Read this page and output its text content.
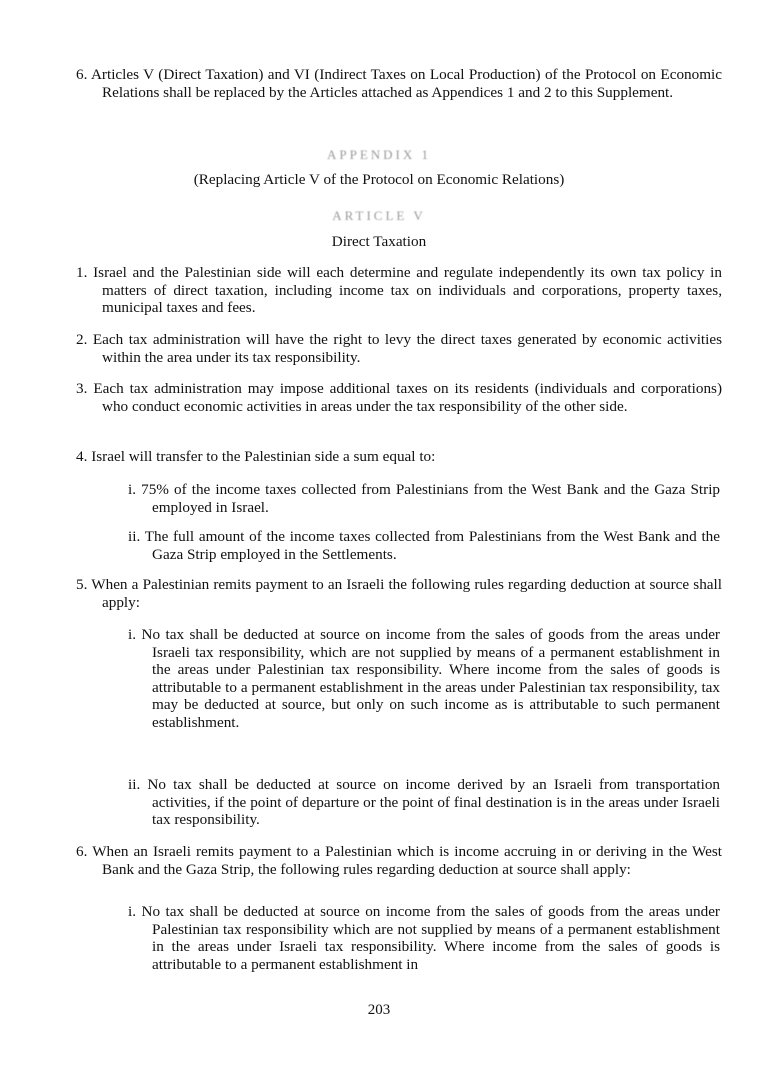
6. Articles V (Direct Taxation) and VI (Indirect Taxes on Local Production) of the Protocol on Economic Relations shall be replaced by the Articles attached as Appendices 1 and 2 to this Supplement.
APPENDIX 1
(Replacing Article V of the Protocol on Economic Relations)
ARTICLE V
Direct Taxation
1. Israel and the Palestinian side will each determine and regulate independently its own tax policy in matters of direct taxation, including income tax on individuals and corporations, property taxes, municipal taxes and fees.
2. Each tax administration will have the right to levy the direct taxes generated by economic activities within the area under its tax responsibility.
3. Each tax administration may impose additional taxes on its residents (individuals and corporations) who conduct economic activities in areas under the tax responsibility of the other side.
4. Israel will transfer to the Palestinian side a sum equal to:
i. 75% of the income taxes collected from Palestinians from the West Bank and the Gaza Strip employed in Israel.
ii. The full amount of the income taxes collected from Palestinians from the West Bank and the Gaza Strip employed in the Settlements.
5. When a Palestinian remits payment to an Israeli the following rules regarding deduction at source shall apply:
i. No tax shall be deducted at source on income from the sales of goods from the areas under Israeli tax responsibility, which are not supplied by means of a permanent establishment in the areas under Palestinian tax responsibility. Where income from the sales of goods is attributable to a permanent establishment in the areas under Palestinian tax responsibility, tax may be deducted at source, but only on such income as is attributable to such permanent establishment.
ii. No tax shall be deducted at source on income derived by an Israeli from transportation activities, if the point of departure or the point of final destination is in the areas under Israeli tax responsibility.
6. When an Israeli remits payment to a Palestinian which is income accruing in or deriving in the West Bank and the Gaza Strip, the following rules regarding deduction at source shall apply:
i. No tax shall be deducted at source on income from the sales of goods from the areas under Palestinian tax responsibility which are not supplied by means of a permanent establishment in the areas under Israeli tax responsibility. Where income from the sales of goods is attributable to a permanent establishment in
203
